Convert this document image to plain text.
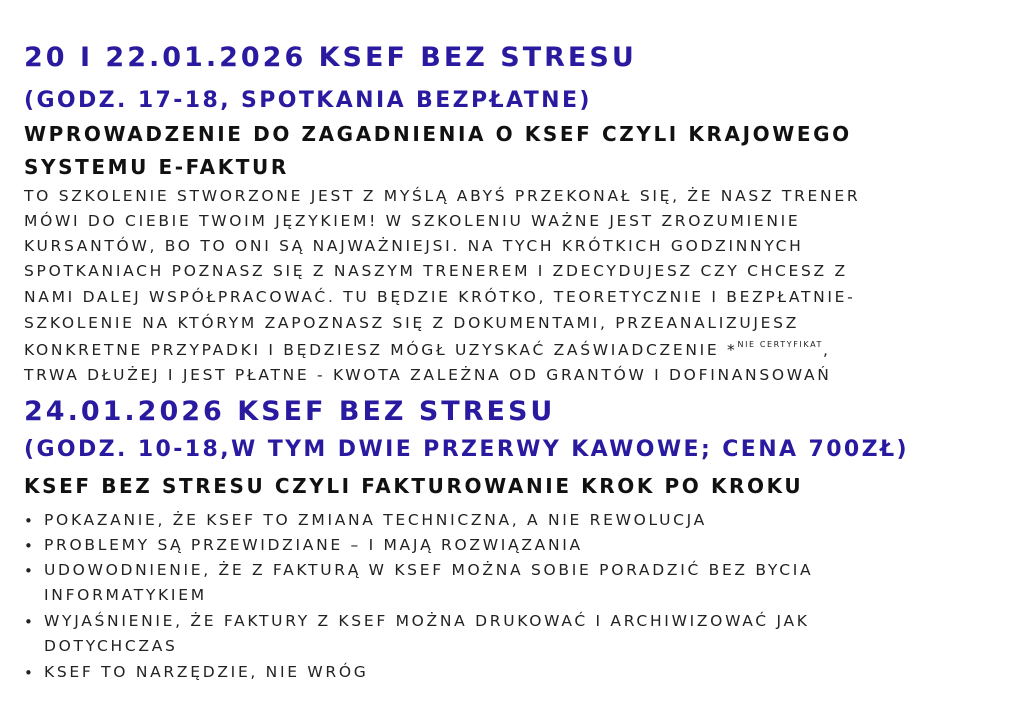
20 I 22.01.2026 KSEF BEZ STRESU
(GODZ. 17-18, SPOTKANIA BEZPŁATNE)
WPROWADZENIE DO ZAGADNIENIA O KSEF CZYLI KRAJOWEGO
SYSTEMU E-FAKTUR
TO SZKOLENIE STWORZONE JEST Z MYŚLĄ ABYŚ PRZEKONAŁ SIĘ, ŻE NASZ TRENER
MÓWI DO CIEBIE TWOIM JĘZYKIEM! W SZKOLENIU WAŻNE JEST ZROZUMIENIE
KURSANTÓW, BO TO ONI SĄ NAJWAŻNIEJSI. NA TYCH KRÓTKICH GODZINNYCH
SPOTKANIACH POZNASZ SIĘ Z NASZYM TRENEREM I ZDECYDUJESZ CZY CHCESZ Z
NAMI DALEJ WSPÓŁPRACOWAĆ. TU BĘDZIE KRÓTKO, TEORETYCZNIE I BEZPŁATNIE-
SZKOLENIE NA KTÓRYM ZAPOZNASZ SIĘ Z DOKUMENTAMI, PRZEANALIZUJESZ
KONKRETNE PRZYPADKI I BĘDZIESZ MÓGŁ UZYSKAĆ ZAŚWIADCZENIE *$^{NIE CERTYFIKAT}$,
TRWA DŁUŻEJ I JEST PŁATNE - KWOTA ZALEŻNA OD GRANTÓW I DOFINANSOWAŃ
24.01.2026 KSEF BEZ STRESU
(GODZ. 10-18,W TYM DWIE PRZERWY KAWOWE; CENA 700ZŁ)
KSEF BEZ STRESU CZYLI FAKTUROWANIE KROK PO KROKU
• POKAZANIE, ŻE KSEF TO ZMIANA TECHNICZNA, A NIE REWOLUCJA
• PROBLEMY SĄ PRZEWIDZIANE – I MAJĄ ROZWIĄZANIA
• UDOWODNIENIE, ŻE Z FAKTURĄ W KSEF MOŻNA SOBIE PORADZIĆ BEZ BYCIA
INFORMATYKIEM
• WYJAŚNIENIE, ŻE FAKTURY Z KSEF MOŻNA DRUKOWAĆ I ARCHIWIZOWAĆ JAK
DOTYCHCZAS
• KSEF TO NARZĘDZIE, NIE WRÓG
